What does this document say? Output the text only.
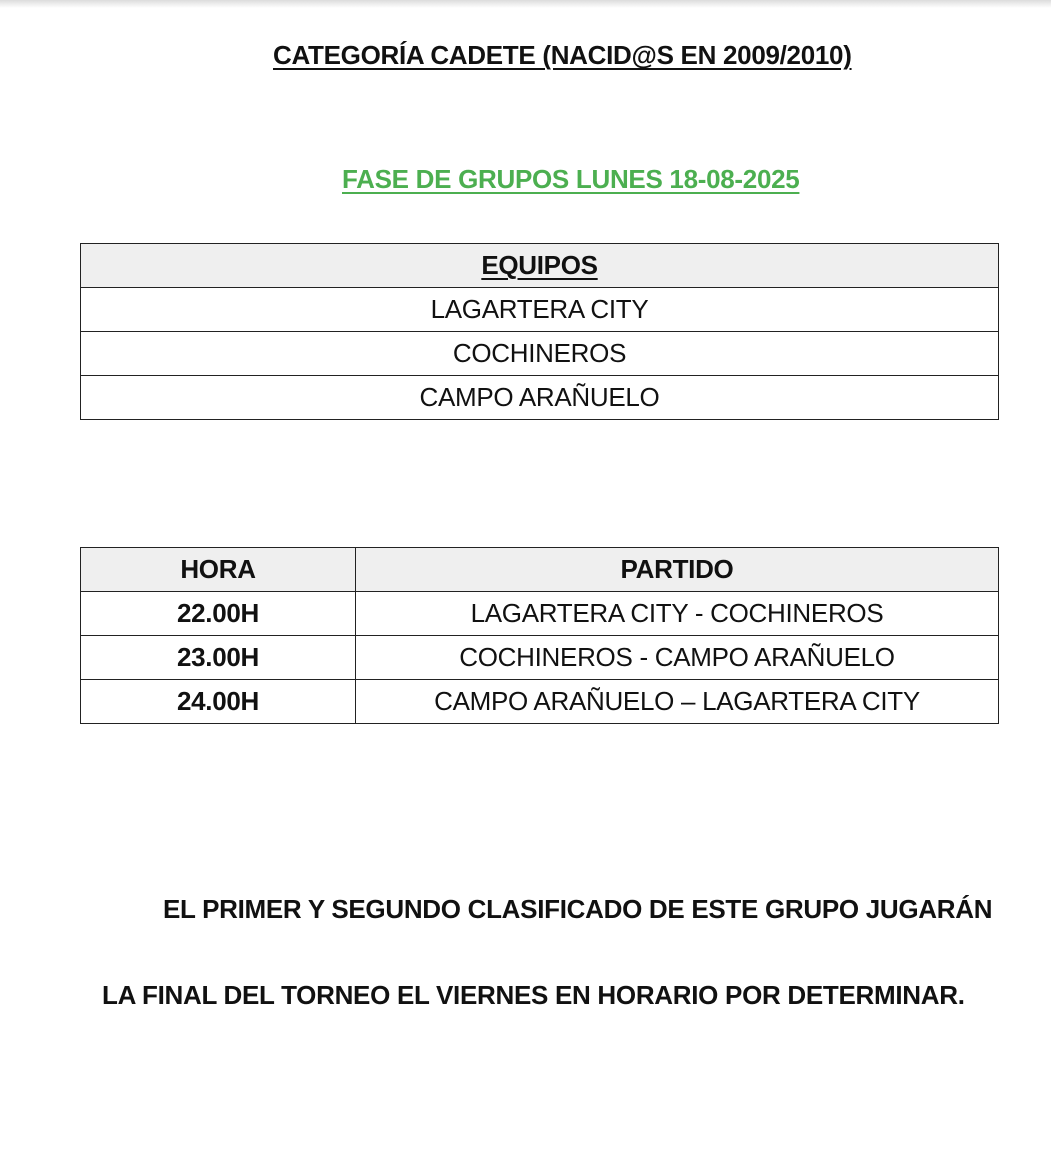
CATEGORÍA CADETE (NACID@S EN 2009/2010)
FASE DE GRUPOS LUNES 18-08-2025
EQUIPOS
LAGARTERA CITY
COCHINEROS
CAMPO ARAÑUELO
HORA	PARTIDO
22.00H	LAGARTERA CITY - COCHINEROS
23.00H	COCHINEROS - CAMPO ARAÑUELO
24.00H	CAMPO ARAÑUELO – LAGARTERA CITY
EL PRIMER Y SEGUNDO CLASIFICADO DE ESTE GRUPO JUGARÁN
LA FINAL DEL TORNEO EL VIERNES EN HORARIO POR DETERMINAR.
